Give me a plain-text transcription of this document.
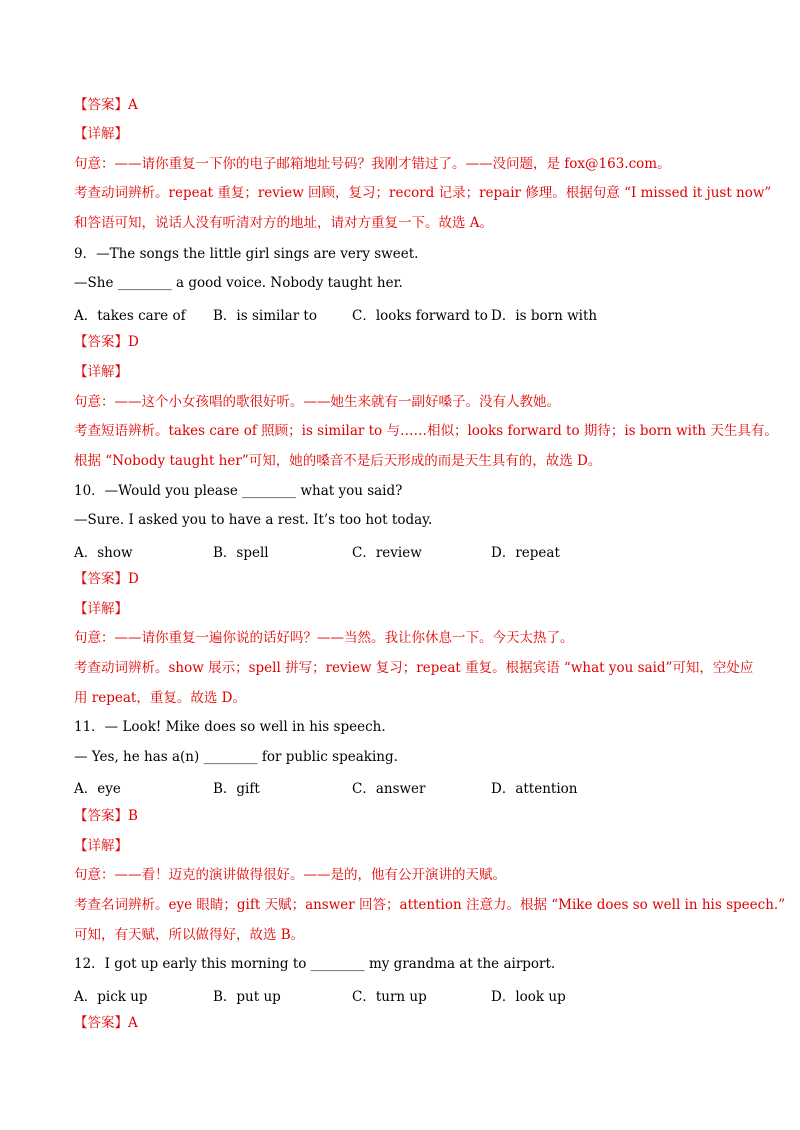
【答案】A
【详解】
句意：——请你重复一下你的电子邮箱地址号码？我刚才错过了。——没问题，是 fox@163.com。
考查动词辨析。repeat 重复；review 回顾，复习；record 记录；repair 修理。根据句意 “I missed it just now”
和答语可知，说话人没有听清对方的地址，请对方重复一下。故选 A。
9．—The songs the little girl sings are very sweet.
—She ________ a good voice. Nobody taught her.
A．takes care of B．is similar to	C．looks forward to D．is born with
【答案】D
【详解】
句意：——这个小女孩唱的歌很好听。——她生来就有一副好嗓子。没有人教她。
考查短语辨析。takes care of 照顾；is similar to 与……相似；looks forward to 期待；is born with 天生具有。
根据 “Nobody taught her”可知，她的嗓音不是后天形成的而是天生具有的，故选 D。
10．—Would you please ________ what you said?
—Sure. I asked you to have a rest. It’s too hot today.
A．show	B．spell	C．review	D．repeat
【答案】D
【详解】
句意：——请你重复一遍你说的话好吗？——当然。我让你休息一下。今天太热了。
考查动词辨析。show 展示；spell 拼写；review 复习；repeat 重复。根据宾语 “what you said”可知，空处应
用 repeat，重复。故选 D。
11．— Look! Mike does so well in his speech.
— Yes, he has a(n) ________ for public speaking.
A．eye	B．gift	C．answer	D．attention
【答案】B
【详解】
句意：——看！迈克的演讲做得很好。——是的，他有公开演讲的天赋。
考查名词辨析。eye 眼睛；gift 天赋；answer 回答；attention 注意力。根据 “Mike does so well in his speech.”
可知，有天赋，所以做得好，故选 B。
12．I got up early this morning to ________ my grandma at the airport.
A．pick up	B．put up	C．turn up	D．look up
【答案】A
